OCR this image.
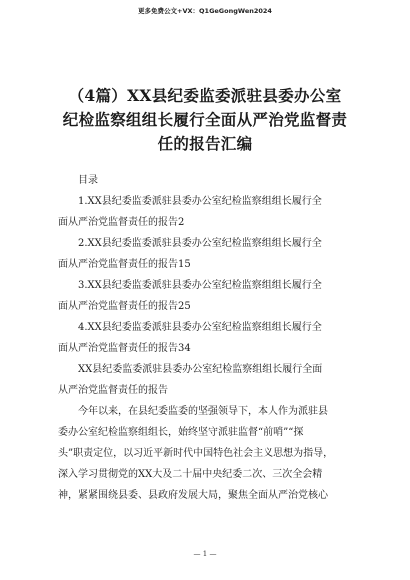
更多免费公文+VX：Q1GeGongWen2024
（4篇）XX县纪委监委派驻县委办公室
纪检监察组组长履行全面从严治党监督责
任的报告汇编
目录
1.XX县纪委监委派驻县委办公室纪检监察组组长履行全
面从严治党监督责任的报告2
2.XX县纪委监委派驻县委办公室纪检监察组组长履行全
面从严治党监督责任的报告15
3.XX县纪委监委派驻县委办公室纪检监察组组长履行全
面从严治党监督责任的报告25
4.XX县纪委监委派驻县委办公室纪检监察组组长履行全
面从严治党监督责任的报告34
XX县纪委监委派驻县委办公室纪检监察组组长履行全面
从严治党监督责任的报告
今年以来，在县纪委监委的坚强领导下，本人作为派驻县
委办公室纪检监察组组长，始终坚守派驻监督“前哨”“探
头”职责定位，以习近平新时代中国特色社会主义思想为指导，
深入学习贯彻党的XX大及二十届中央纪委二次、三次全会精
神，紧紧围绕县委、县政府发展大局，聚焦全面从严治党核心
— 1 —
